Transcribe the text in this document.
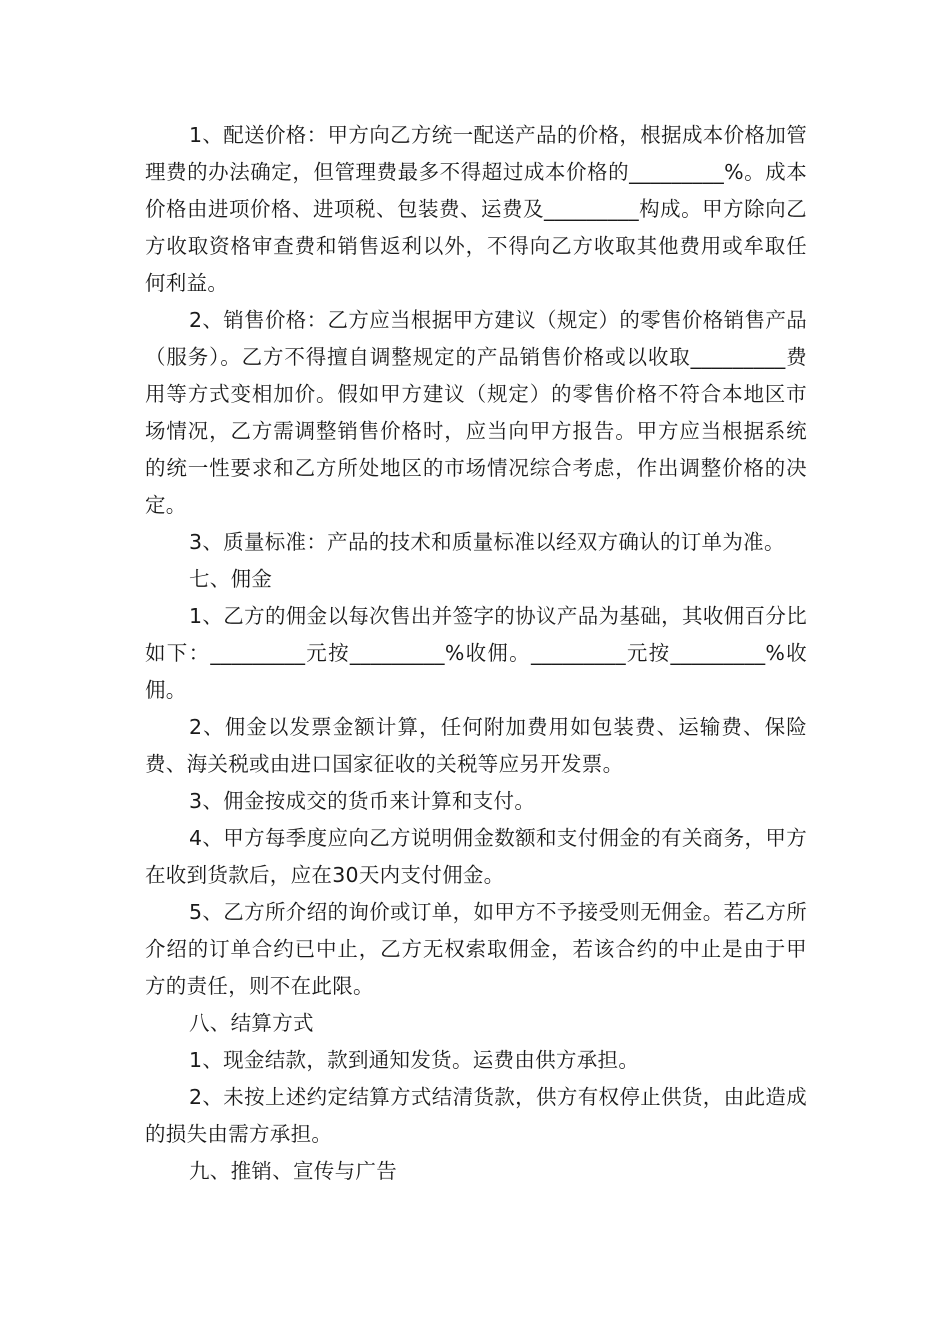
1、配送价格：甲方向乙方统一配送产品的价格，根据成本价格加管理费的办法确定，但管理费最多不得超过成本价格的_________%。成本价格由进项价格、进项税、包装费、运费及_________构成。甲方除向乙方收取资格审查费和销售返利以外，不得向乙方收取其他费用或牟取任何利益。

2、销售价格：乙方应当根据甲方建议（规定）的零售价格销售产品（服务）。乙方不得擅自调整规定的产品销售价格或以收取_________费用等方式变相加价。假如甲方建议（规定）的零售价格不符合本地区市场情况，乙方需调整销售价格时，应当向甲方报告。甲方应当根据系统的统一性要求和乙方所处地区的市场情况综合考虑，作出调整价格的决定。

3、质量标准：产品的技术和质量标准以经双方确认的订单为准。

七、佣金

1、乙方的佣金以每次售出并签字的协议产品为基础，其收佣百分比如下：_________元按_________%收佣。_________元按_________%收佣。

2、佣金以发票金额计算，任何附加费用如包装费、运输费、保险费、海关税或由进口国家征收的关税等应另开发票。

3、佣金按成交的货币来计算和支付。

4、甲方每季度应向乙方说明佣金数额和支付佣金的有关商务，甲方在收到货款后，应在30天内支付佣金。

5、乙方所介绍的询价或订单，如甲方不予接受则无佣金。若乙方所介绍的订单合约已中止，乙方无权索取佣金，若该合约的中止是由于甲方的责任，则不在此限。

八、结算方式

1、现金结款，款到通知发货。运费由供方承担。

2、未按上述约定结算方式结清货款，供方有权停止供货，由此造成的损失由需方承担。

九、推销、宣传与广告
